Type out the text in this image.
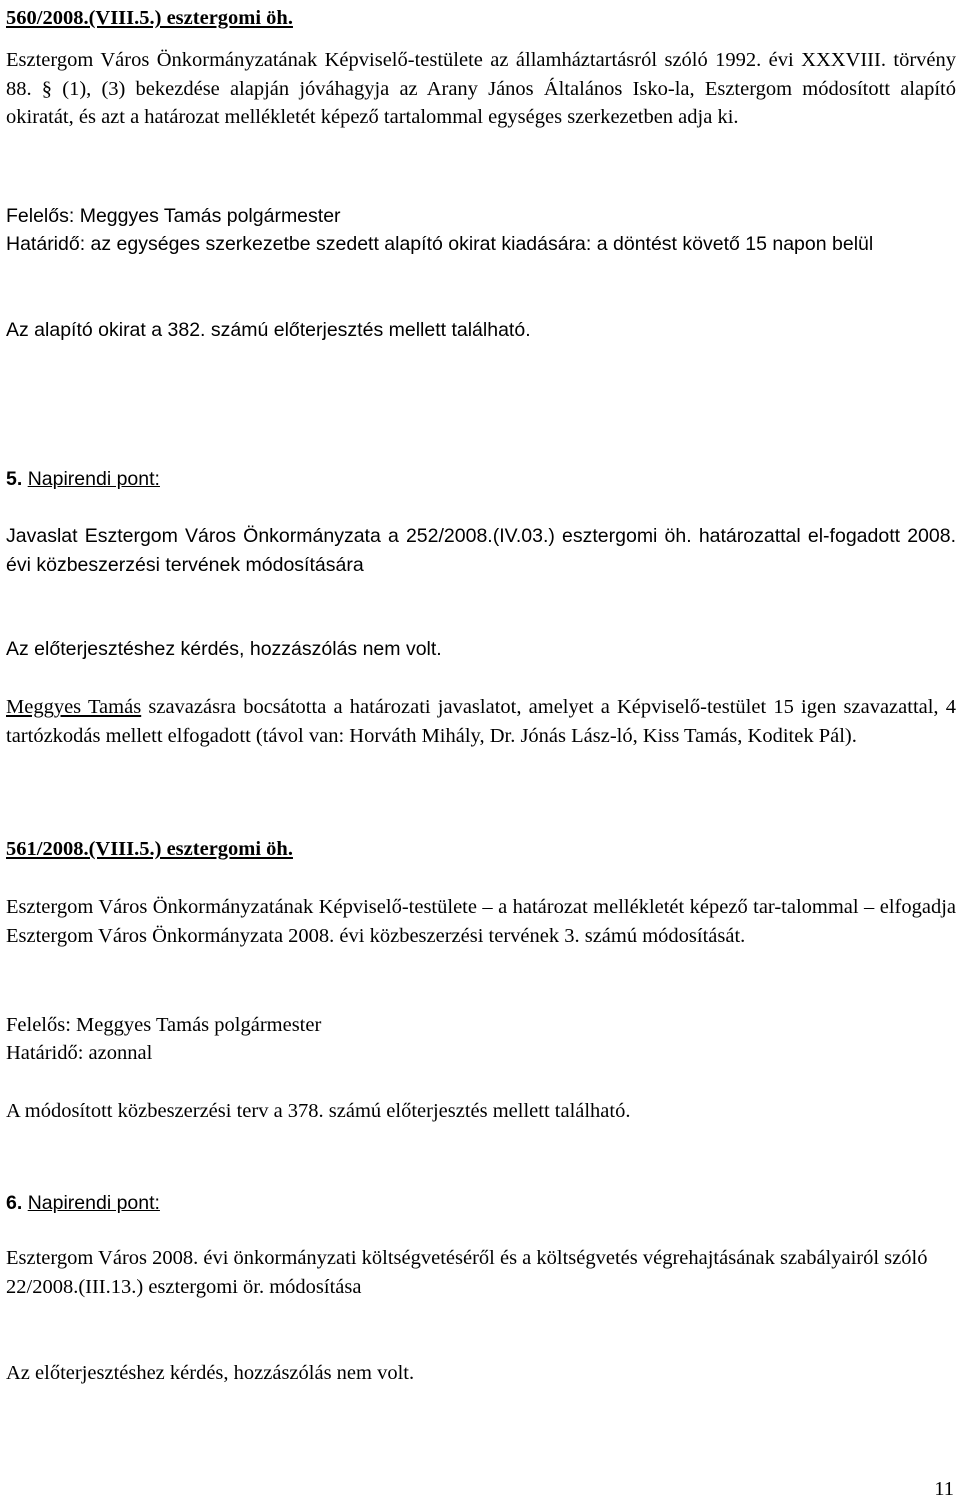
560/2008.(VIII.5.) esztergomi öh.

Esztergom Város Önkormányzatának Képviselő-testülete az államháztartásról szóló 1992. évi XXXVIII. törvény 88. § (1), (3) bekezdése alapján jóváhagyja az Arany János Általános Isko-la, Esztergom módosított alapító okiratát, és azt a határozat mellékletét képező tartalommal egységes szerkezetben adja ki.

Felelős: Meggyes Tamás polgármester

Határidő: az egységes szerkezetbe szedett alapító okirat kiadására: a döntést követő 15 napon belül

Az alapító okirat a 382. számú előterjesztés mellett található.

5. Napirendi pont:

Javaslat Esztergom Város Önkormányzata a 252/2008.(IV.03.) esztergomi öh. határozattal el-fogadott 2008. évi közbeszerzési tervének módosítására

Az előterjesztéshez kérdés, hozzászólás nem volt.

Meggyes Tamás szavazásra bocsátotta a határozati javaslatot, amelyet a Képviselő-testület 15 igen szavazattal, 4 tartózkodás mellett elfogadott (távol van: Horváth Mihály, Dr. Jónás Lász-ló, Kiss Tamás, Koditek Pál).

561/2008.(VIII.5.) esztergomi öh.

Esztergom Város Önkormányzatának Képviselő-testülete – a határozat mellékletét képező tar-talommal – elfogadja Esztergom Város Önkormányzata 2008. évi közbeszerzési tervének 3. számú módosítását.

Felelős: Meggyes Tamás polgármester

Határidő: azonnal

A módosított közbeszerzési terv a 378. számú előterjesztés mellett található.

6. Napirendi pont:

Esztergom Város 2008. évi önkormányzati költségvetéséről és a költségvetés végrehajtásának szabályairól szóló 22/2008.(III.13.) esztergomi ör. módosítása

Az előterjesztéshez kérdés, hozzászólás nem volt.

11
